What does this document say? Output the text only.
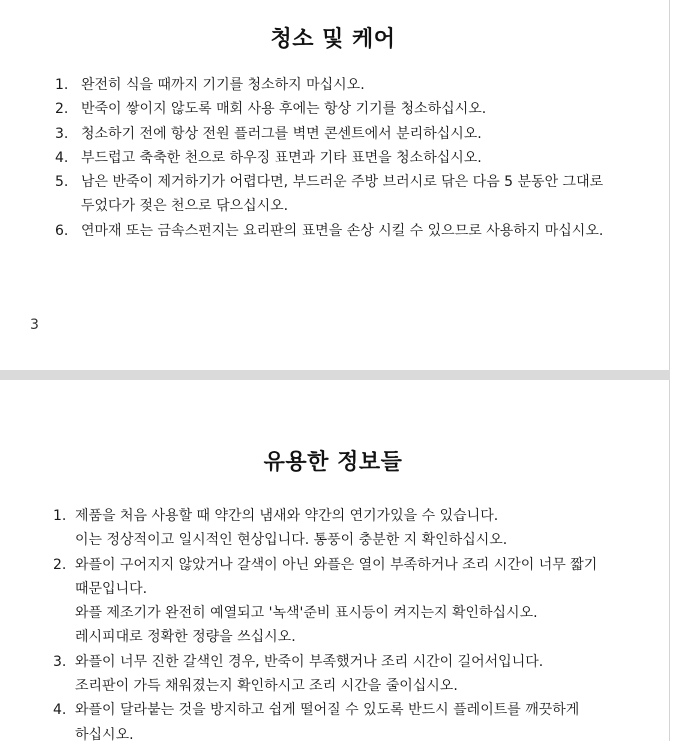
청소 및 케어
1. 완전히 식을 때까지 기기를 청소하지 마십시오.
2. 반죽이 쌓이지 않도록 매회 사용 후에는 항상 기기를 청소하십시오.
3. 청소하기 전에 항상 전원 플러그를 벽면 콘센트에서 분리하십시오.
4. 부드럽고 축축한 천으로 하우징 표면과 기타 표면을 청소하십시오.
5. 남은 반죽이 제거하기가 어렵다면, 부드러운 주방 브러시로 닦은 다음 5 분동안 그대로
두었다가 젖은 천으로 닦으십시오.
6. 연마재 또는 금속스펀지는 요리판의 표면을 손상 시킬 수 있으므로 사용하지 마십시오.
3
유용한 정보들
1. 제품을 처음 사용할 때 약간의 냄새와 약간의 연기가있을 수 있습니다.
이는 정상적이고 일시적인 현상입니다. 통풍이 충분한 지 확인하십시오.
2. 와플이 구어지지 않았거나 갈색이 아닌 와플은 열이 부족하거나 조리 시간이 너무 짧기
때문입니다.
와플 제조기가 완전히 예열되고 '녹색'준비 표시등이 켜지는지 확인하십시오.
레시피대로 정확한 정량을 쓰십시오.
3. 와플이 너무 진한 갈색인 경우, 반죽이 부족했거나 조리 시간이 길어서입니다.
조리판이 가득 채워졌는지 확인하시고 조리 시간을 줄이십시오.
4. 와플이 달라붙는 것을 방지하고 쉽게 떨어질 수 있도록 반드시 플레이트를 깨끗하게
하십시오.
